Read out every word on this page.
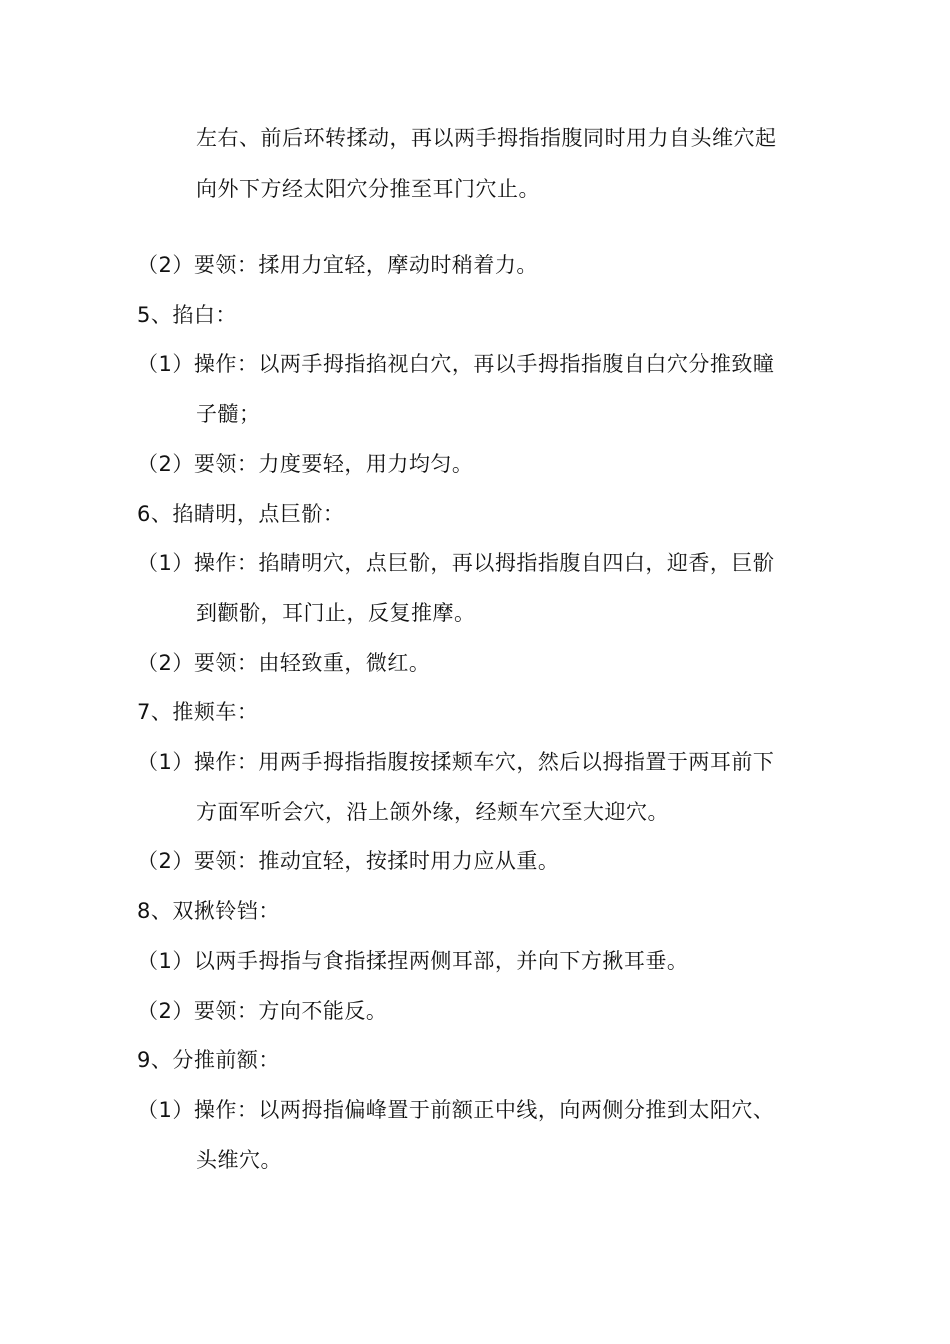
左右、前后环转揉动，再以两手拇指指腹同时用力自头维穴起
向外下方经太阳穴分推至耳门穴止。
（2）要领：揉用力宜轻，摩动时稍着力。
5、掐白：
（1）操作：以两手拇指掐视白穴，再以手拇指指腹自白穴分推致瞳
子髓；
（2）要领：力度要轻，用力均匀。
6、掐睛明，点巨骱：
（1）操作：掐睛明穴，点巨骱，再以拇指指腹自四白，迎香，巨骱
到颧骱，耳门止，反复推摩。
（2）要领：由轻致重，微红。
7、推颊车：
（1）操作：用两手拇指指腹按揉颊车穴，然后以拇指置于两耳前下
方面军听会穴，沿上颌外缘，经颊车穴至大迎穴。
（2）要领：推动宜轻，按揉时用力应从重。
8、双揪铃铛：
（1）以两手拇指与食指揉捏两侧耳部，并向下方揪耳垂。
（2）要领：方向不能反。
9、分推前额：
（1）操作：以两拇指偏峰置于前额正中线，向两侧分推到太阳穴、
头维穴。
